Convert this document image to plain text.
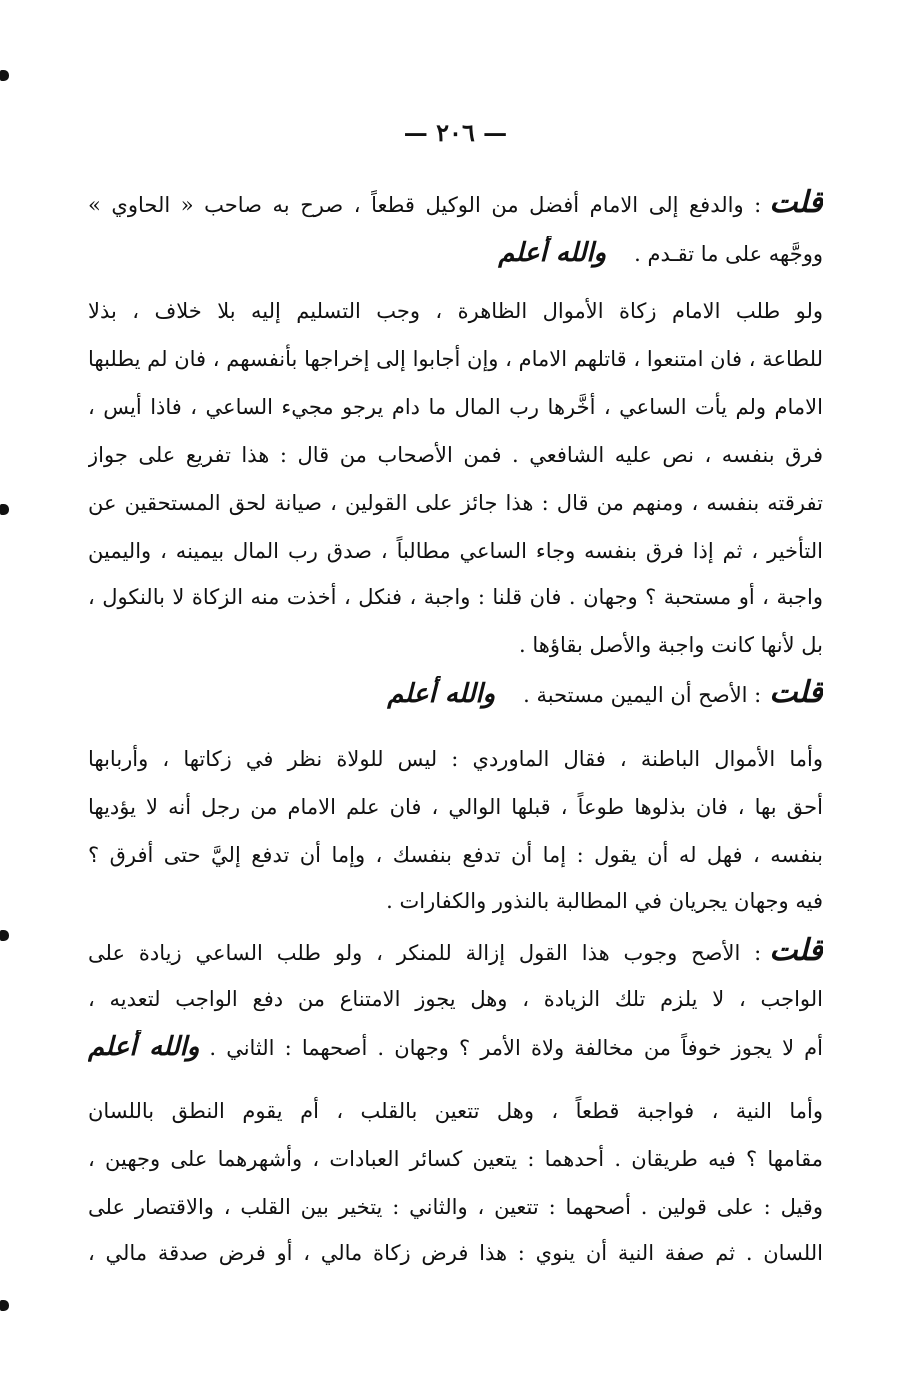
— ٢٠٦ —
قلت: والدفع إلى الامام أفضل من الوكيل قطعاً ، صرح به صاحب « الحاوي »
ووجَّهه على ما تقـدم .والله أعلم
ولو طلب الامام زكاة الأموال الظاهرة ، وجب التسليم إليه بلا خلاف ، بذلا
للطاعة ، فان امتنعوا ، قاتلهم الامام ، وإن أجابوا إلى إخراجها بأنفسهم ، فان لم يطلبها
الامام ولم يأت الساعي ، أخَّرها رب المال ما دام يرجو مجيء الساعي ، فاذا أيس ،
فرق بنفسه ، نص عليه الشافعي . فمن الأصحاب من قال : هذا تفريع على جواز
تفرقته بنفسه ، ومنهم من قال : هذا جائز على القولين ، صيانة لحق المستحقين عن
التأخير ، ثم إذا فرق بنفسه وجاء الساعي مطالباً ، صدق رب المال بيمينه ، واليمين
واجبة ، أو مستحبة ؟ وجهان . فان قلنا : واجبة ، فنكل ، أخذت منه الزكاة لا بالنكول ،
بل لأنها كانت واجبة والأصل بقاؤها .
قلت: الأصح أن اليمين مستحبة .والله أعلم
وأما الأموال الباطنة ، فقال الماوردي : ليس للولاة نظر في زكاتها ، وأربابها
أحق بها ، فان بذلوها طوعاً ، قبلها الوالي ، فان علم الامام من رجل أنه لا يؤديها
بنفسه ، فهل له أن يقول : إما أن تدفع بنفسك ، وإما أن تدفع إليَّ حتى أفرق ؟
فيه وجهان يجريان في المطالبة بالنذور والكفارات .
قلت: الأصح وجوب هذا القول إزالة للمنكر ، ولو طلب الساعي زيادة على
الواجب ، لا يلزم تلك الزيادة ، وهل يجوز الامتناع من دفع الواجب لتعديه ،
أم لا يجوز خوفاً من مخالفة ولاة الأمر ؟ وجهان . أصحهما : الثاني .والله أعلم
وأما النية ، فواجبة قطعاً ، وهل تتعين بالقلب ، أم يقوم النطق باللسان
مقامها ؟ فيه طريقان . أحدهما : يتعين كسائر العبادات ، وأشهرهما على وجهين ،
وقيل : على قولين . أصحهما : تتعين ، والثاني : يتخير بين القلب ، والاقتصار على
اللسان . ثم صفة النية أن ينوي : هذا فرض زكاة مالي ، أو فرض صدقة مالي ،
